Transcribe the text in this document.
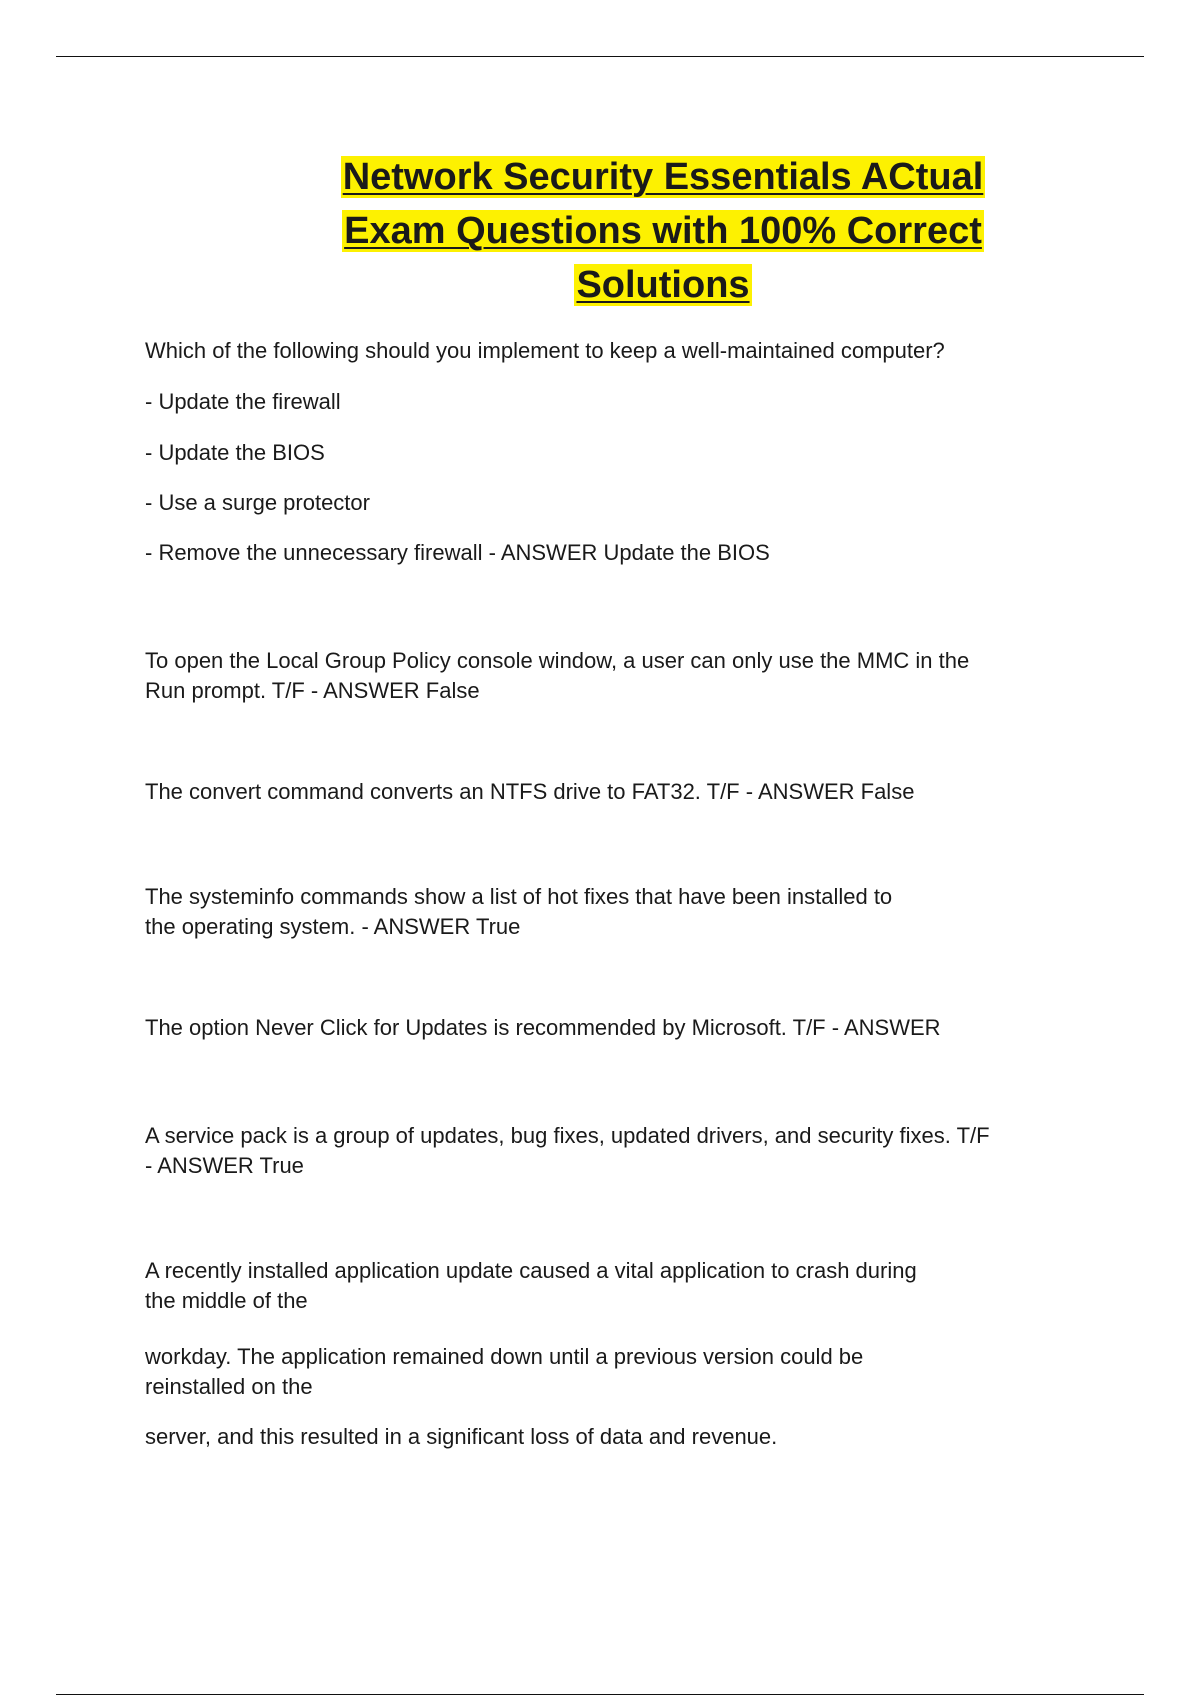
Network Security Essentials ACtual
Exam Questions with 100% Correct
Solutions
Which of the following should you implement to keep a well-maintained computer?
- Update the firewall
- Update the BIOS
- Use a surge protector
- Remove the unnecessary firewall - ANSWER Update the BIOS
To open the Local Group Policy console window, a user can only use the MMC in the
Run prompt. T/F - ANSWER False
The convert command converts an NTFS drive to FAT32. T/F - ANSWER False
The systeminfo commands show a list of hot fixes that have been installed to
the operating system. - ANSWER True
The option Never Click for Updates is recommended by Microsoft. T/F - ANSWER
A service pack is a group of updates, bug fixes, updated drivers, and security fixes. T/F
- ANSWER True
A recently installed application update caused a vital application to crash during
the middle of the
workday. The application remained down until a previous version could be
reinstalled on the
server, and this resulted in a significant loss of data and revenue.
